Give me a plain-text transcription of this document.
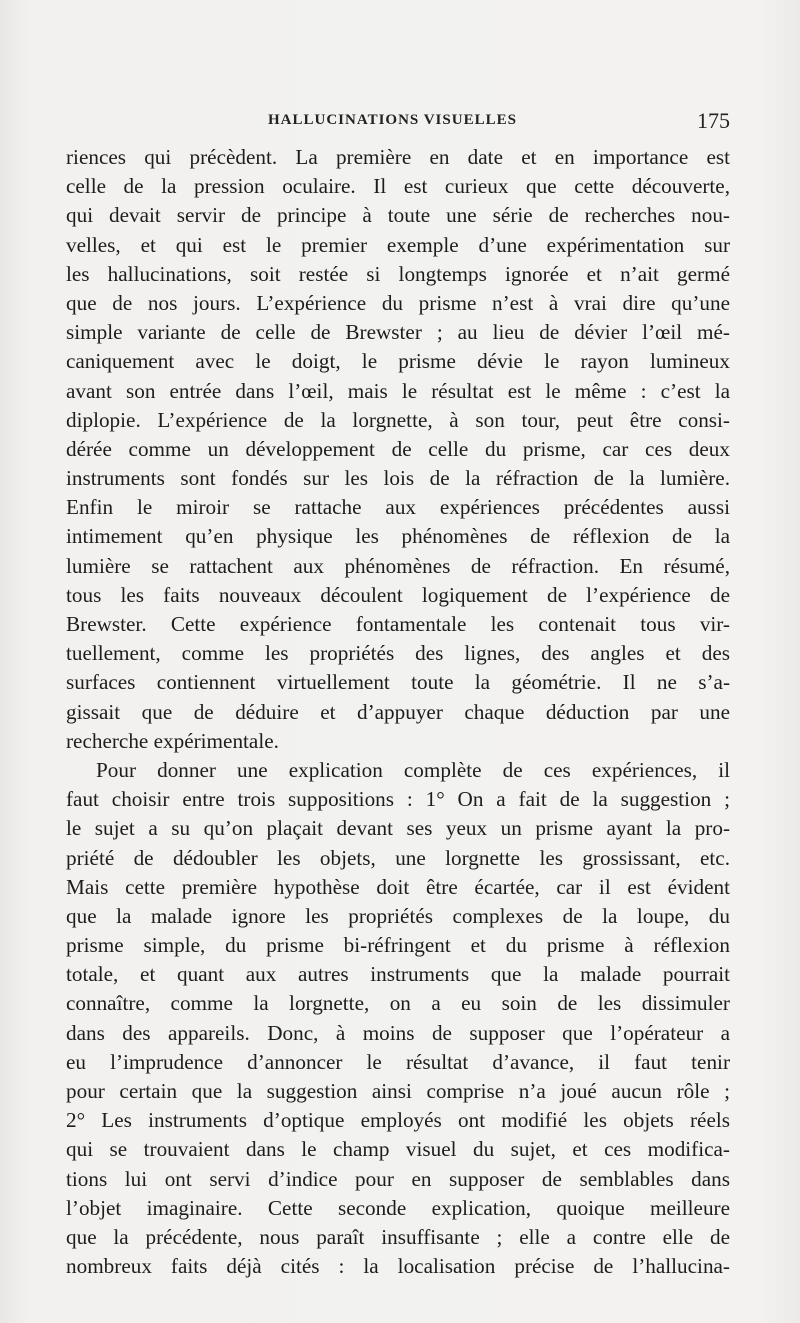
HALLUCINATIONS VISUELLES	175
riences qui précèdent. La première en date et en importance est
celle de la pression oculaire. Il est curieux que cette découverte,
qui devait servir de principe à toute une série de recherches nou-
velles, et qui est le premier exemple d’une expérimentation sur
les hallucinations, soit restée si longtemps ignorée et n’ait germé
que de nos jours. L’expérience du prisme n’est à vrai dire qu’une
simple variante de celle de Brewster ; au lieu de dévier l’œil mé-
caniquement avec le doigt, le prisme dévie le rayon lumineux
avant son entrée dans l’œil, mais le résultat est le même : c’est la
diplopie. L’expérience de la lorgnette, à son tour, peut être consi-
dérée comme un développement de celle du prisme, car ces deux
instruments sont fondés sur les lois de la réfraction de la lumière.
Enfin le miroir se rattache aux expériences précédentes aussi
intimement qu’en physique les phénomènes de réflexion de la
lumière se rattachent aux phénomènes de réfraction. En résumé,
tous les faits nouveaux découlent logiquement de l’expérience de
Brewster. Cette expérience fontamentale les contenait tous vir-
tuellement, comme les propriétés des lignes, des angles et des
surfaces contiennent virtuellement toute la géométrie. Il ne s’a-
gissait que de déduire et d’appuyer chaque déduction par une
recherche expérimentale.
Pour donner une explication complète de ces expériences, il
faut choisir entre trois suppositions : 1° On a fait de la suggestion ;
le sujet a su qu’on plaçait devant ses yeux un prisme ayant la pro-
priété de dédoubler les objets, une lorgnette les grossissant, etc.
Mais cette première hypothèse doit être écartée, car il est évident
que la malade ignore les propriétés complexes de la loupe, du
prisme simple, du prisme bi-réfringent et du prisme à réflexion
totale, et quant aux autres instruments que la malade pourrait
connaître, comme la lorgnette, on a eu soin de les dissimuler
dans des appareils. Donc, à moins de supposer que l’opérateur a
eu l’imprudence d’annoncer le résultat d’avance, il faut tenir
pour certain que la suggestion ainsi comprise n’a joué aucun rôle ;
2° Les instruments d’optique employés ont modifié les objets réels
qui se trouvaient dans le champ visuel du sujet, et ces modifica-
tions lui ont servi d’indice pour en supposer de semblables dans
l’objet imaginaire. Cette seconde explication, quoique meilleure
que la précédente, nous paraît insuffisante ; elle a contre elle de
nombreux faits déjà cités : la localisation précise de l’hallucina-
